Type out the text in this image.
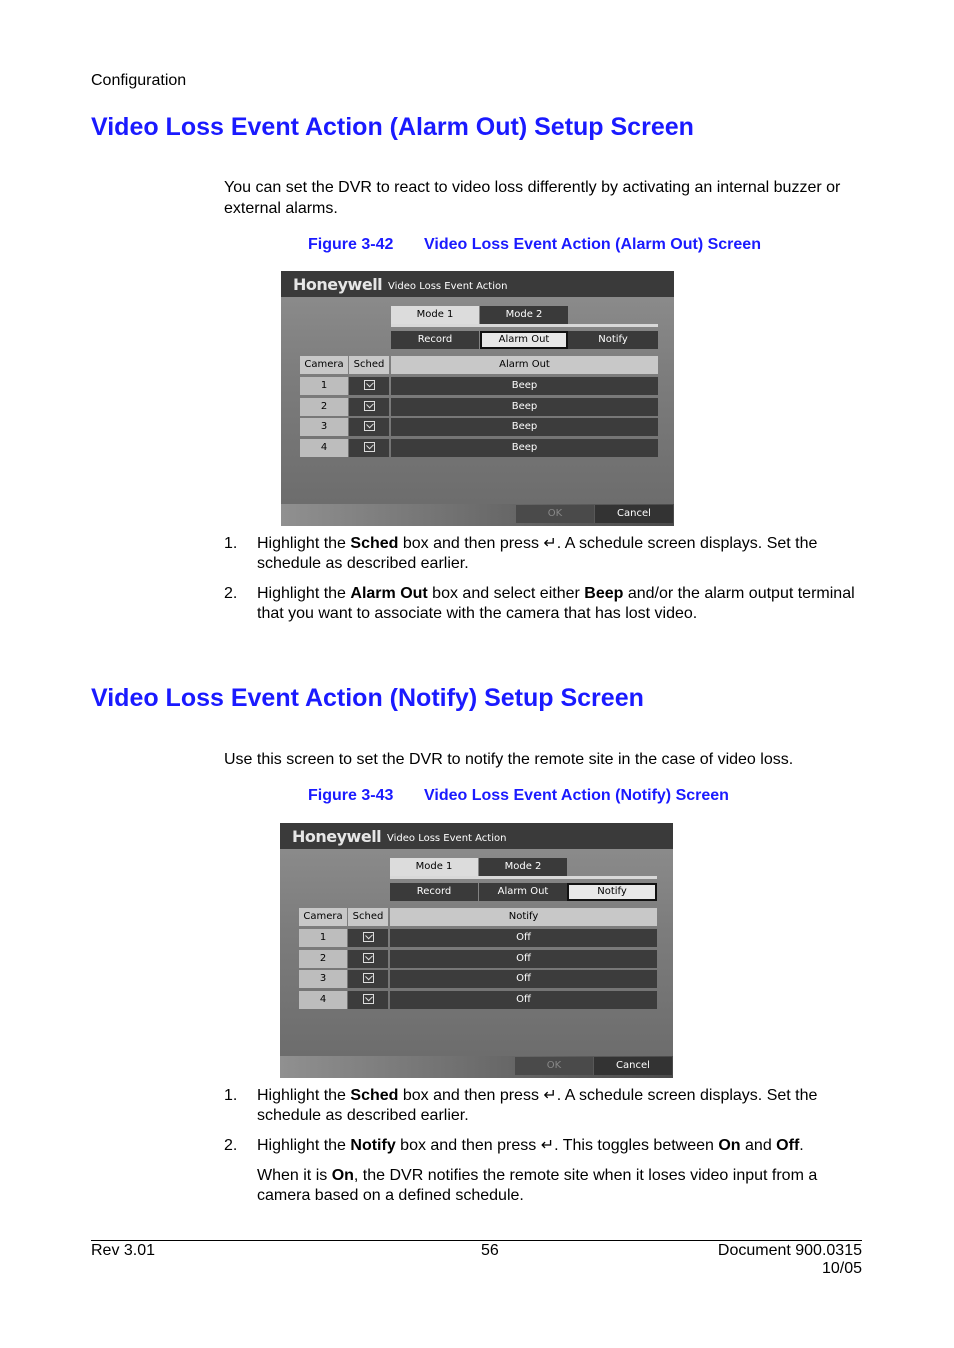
Configuration
Video Loss Event Action (Alarm Out) Setup Screen
You can set the DVR to react to video loss differently by activating an internal buzzer or external alarms.
Figure 3-42 Video Loss Event Action (Alarm Out) Screen
Honeywell Video Loss Event Action
Mode 1	Mode 2
Record	Alarm Out	Notify
Camera	Sched	Alarm Out
1	Beep
2	Beep
3	Beep
4	Beep
OK	Cancel
1. Highlight the Sched box and then press ↵. A schedule screen displays. Set the schedule as described earlier.
2. Highlight the Alarm Out box and select either Beep and/or the alarm output terminal that you want to associate with the camera that has lost video.
Video Loss Event Action (Notify) Setup Screen
Use this screen to set the DVR to notify the remote site in the case of video loss.
Figure 3-43 Video Loss Event Action (Notify) Screen
Honeywell Video Loss Event Action
Mode 1	Mode 2
Record	Alarm Out	Notify
Camera	Sched	Notify
1	Off
2	Off
3	Off
4	Off
OK	Cancel
1. Highlight the Sched box and then press ↵. A schedule screen displays. Set the schedule as described earlier.
2. Highlight the Notify box and then press ↵. This toggles between On and Off.
When it is On, the DVR notifies the remote site when it loses video input from a camera based on a defined schedule.
Rev 3.01	56	Document 900.0315
10/05
